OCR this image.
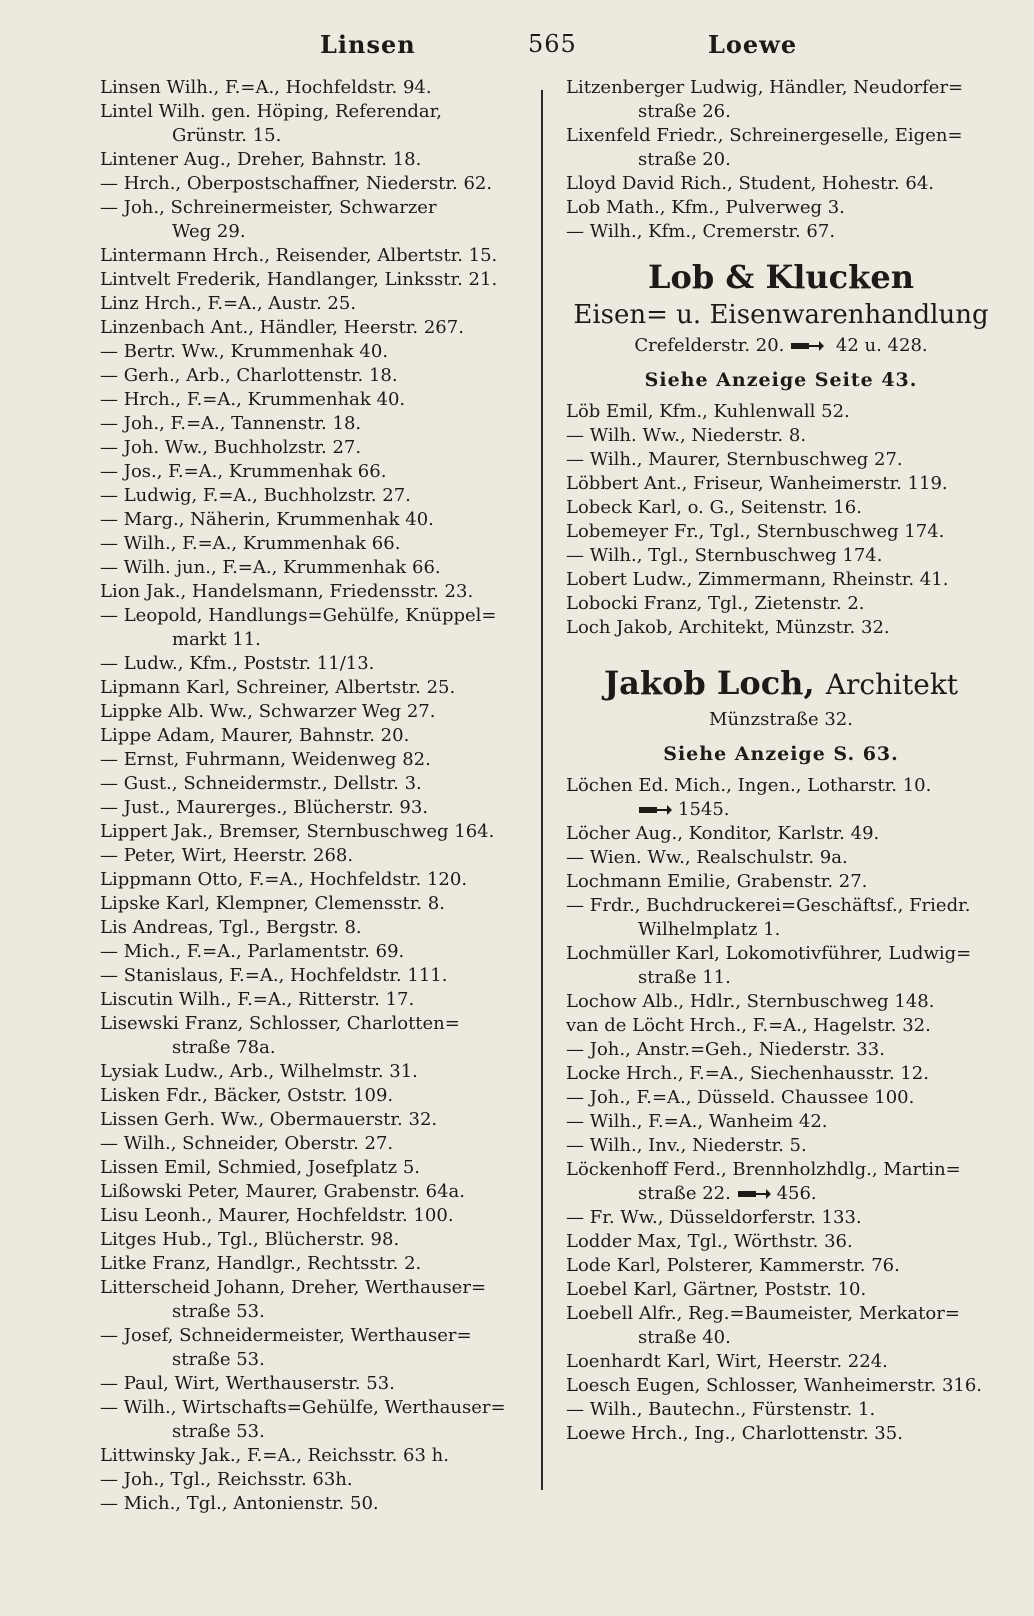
Linsen	565	Loewe
Linsen Wilh., F.=A., Hochfeldstr. 94.
Lintel Wilh. gen. Höping, Referendar,
Grünstr. 15.
Lintener Aug., Dreher, Bahnstr. 18.
— Hrch., Oberpostschaffner, Niederstr. 62.
— Joh., Schreinermeister, Schwarzer
Weg 29.
Lintermann Hrch., Reisender, Albertstr. 15.
Lintvelt Frederik, Handlanger, Linksstr. 21.
Linz Hrch., F.=A., Austr. 25.
Linzenbach Ant., Händler, Heerstr. 267.
— Bertr. Ww., Krummenhak 40.
— Gerh., Arb., Charlottenstr. 18.
— Hrch., F.=A., Krummenhak 40.
— Joh., F.=A., Tannenstr. 18.
— Joh. Ww., Buchholzstr. 27.
— Jos., F.=A., Krummenhak 66.
— Ludwig, F.=A., Buchholzstr. 27.
— Marg., Näherin, Krummenhak 40.
— Wilh., F.=A., Krummenhak 66.
— Wilh. jun., F.=A., Krummenhak 66.
Lion Jak., Handelsmann, Friedensstr. 23.
— Leopold, Handlungs=Gehülfe, Knüppel=
markt 11.
— Ludw., Kfm., Poststr. 11/13.
Lipmann Karl, Schreiner, Albertstr. 25.
Lippke Alb. Ww., Schwarzer Weg 27.
Lippe Adam, Maurer, Bahnstr. 20.
— Ernst, Fuhrmann, Weidenweg 82.
— Gust., Schneidermstr., Dellstr. 3.
— Just., Maurerges., Blücherstr. 93.
Lippert Jak., Bremser, Sternbuschweg 164.
— Peter, Wirt, Heerstr. 268.
Lippmann Otto, F.=A., Hochfeldstr. 120.
Lipske Karl, Klempner, Clemensstr. 8.
Lis Andreas, Tgl., Bergstr. 8.
— Mich., F.=A., Parlamentstr. 69.
— Stanislaus, F.=A., Hochfeldstr. 111.
Liscutin Wilh., F.=A., Ritterstr. 17.
Lisewski Franz, Schlosser, Charlotten=
straße 78a.
Lysiak Ludw., Arb., Wilhelmstr. 31.
Lisken Fdr., Bäcker, Oststr. 109.
Lissen Gerh. Ww., Obermauerstr. 32.
— Wilh., Schneider, Oberstr. 27.
Lissen Emil, Schmied, Josefplatz 5.
Lißowski Peter, Maurer, Grabenstr. 64a.
Lisu Leonh., Maurer, Hochfeldstr. 100.
Litges Hub., Tgl., Blücherstr. 98.
Litke Franz, Handlgr., Rechtsstr. 2.
Litterscheid Johann, Dreher, Werthauser=
straße 53.
— Josef, Schneidermeister, Werthauser=
straße 53.
— Paul, Wirt, Werthauserstr. 53.
— Wilh., Wirtschafts=Gehülfe, Werthauser=
straße 53.
Littwinsky Jak., F.=A., Reichsstr. 63 h.
— Joh., Tgl., Reichsstr. 63h.
— Mich., Tgl., Antonienstr. 50.
Litzenberger Ludwig, Händler, Neudorfer=
straße 26.
Lixenfeld Friedr., Schreinergeselle, Eigen=
straße 20.
Lloyd David Rich., Student, Hohestr. 64.
Lob Math., Kfm., Pulverweg 3.
— Wilh., Kfm., Cremerstr. 67.
Lob & Klucken
Eisen= u. Eisenwarenhandlung
Crefelderstr. 20.	42 u. 428.
Siehe Anzeige Seite 43.
Löb Emil, Kfm., Kuhlenwall 52.
— Wilh. Ww., Niederstr. 8.
— Wilh., Maurer, Sternbuschweg 27.
Löbbert Ant., Friseur, Wanheimerstr. 119.
Lobeck Karl, o. G., Seitenstr. 16.
Lobemeyer Fr., Tgl., Sternbuschweg 174.
— Wilh., Tgl., Sternbuschweg 174.
Lobert Ludw., Zimmermann, Rheinstr. 41.
Lobocki Franz, Tgl., Zietenstr. 2.
Loch Jakob, Architekt, Münzstr. 32.
Jakob Loch, Architekt
Münzstraße 32.
Siehe Anzeige S. 63.
Löchen Ed. Mich., Ingen., Lotharstr. 10.
1545.
Löcher Aug., Konditor, Karlstr. 49.
— Wien. Ww., Realschulstr. 9a.
Lochmann Emilie, Grabenstr. 27.
— Frdr., Buchdruckerei=Geschäftsf., Friedr.
Wilhelmplatz 1.
Lochmüller Karl, Lokomotivführer, Ludwig=
straße 11.
Lochow Alb., Hdlr., Sternbuschweg 148.
van de Löcht Hrch., F.=A., Hagelstr. 32.
— Joh., Anstr.=Geh., Niederstr. 33.
Locke Hrch., F.=A., Siechenhausstr. 12.
— Joh., F.=A., Düsseld. Chaussee 100.
— Wilh., F.=A., Wanheim 42.
— Wilh., Inv., Niederstr. 5.
Löckenhoff Ferd., Brennholzhdlg., Martin=
straße 22.	456.
— Fr. Ww., Düsseldorferstr. 133.
Lodder Max, Tgl., Wörthstr. 36.
Lode Karl, Polsterer, Kammerstr. 76.
Loebel Karl, Gärtner, Poststr. 10.
Loebell Alfr., Reg.=Baumeister, Merkator=
straße 40.
Loenhardt Karl, Wirt, Heerstr. 224.
Loesch Eugen, Schlosser, Wanheimerstr. 316.
— Wilh., Bautechn., Fürstenstr. 1.
Loewe Hrch., Ing., Charlottenstr. 35.
